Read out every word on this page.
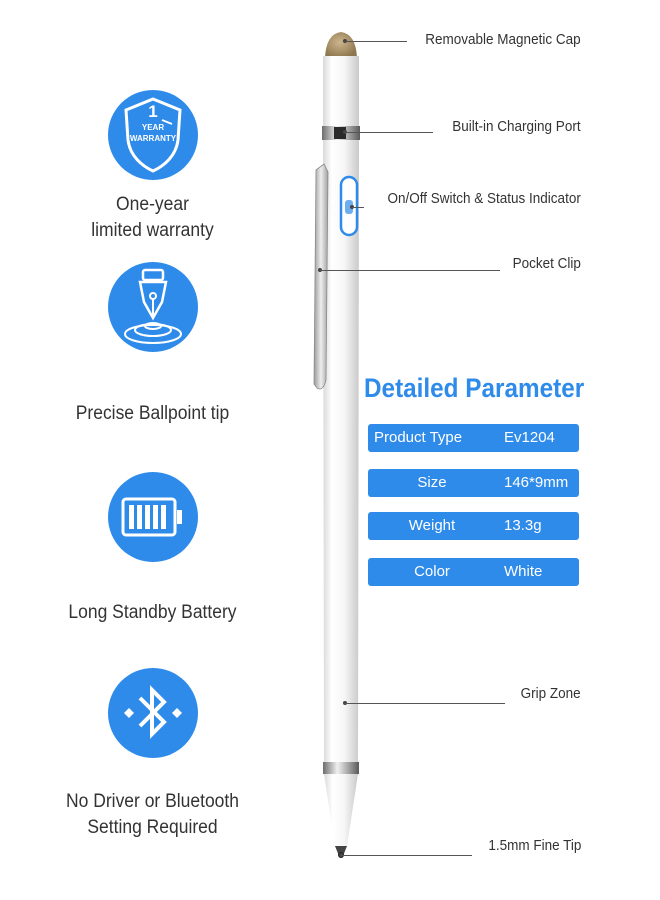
1
YEAR
WARRANTY
One-year
limited warranty
Precise Ballpoint tip
Long Standby Battery
No Driver or Bluetooth
Setting Required
Removable Magnetic Cap
Built-in Charging Port
On/Off Switch & Status Indicator
Pocket Clip
Grip Zone
1.5mm Fine Tip
Detailed Parameter
Product Type	Ev1204
Size	146*9mm
Weight	13.3g
Color	White
